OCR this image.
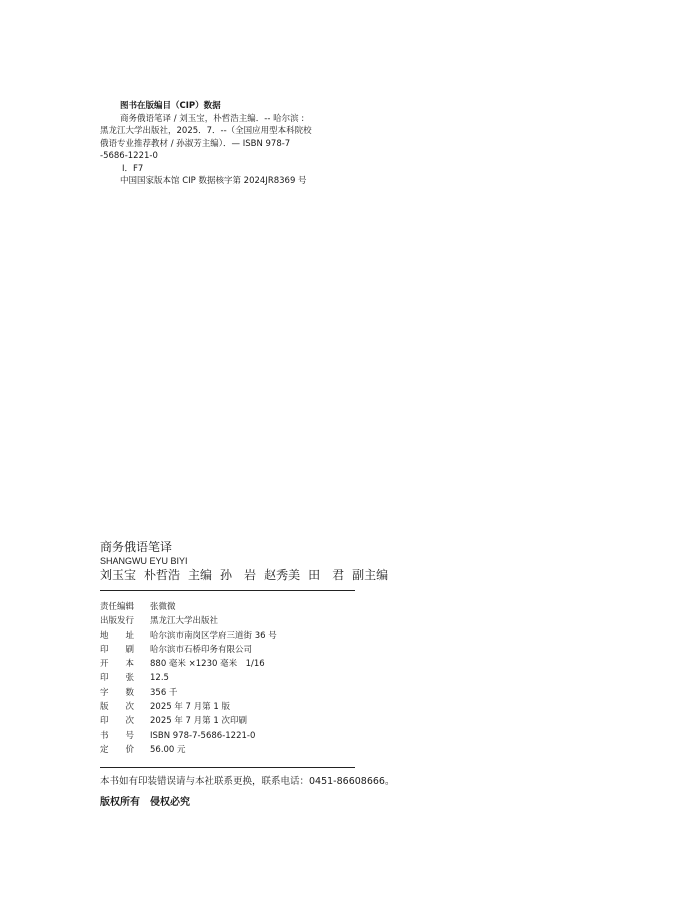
图书在版编目（CIP）数据
商务俄语笔译 / 刘玉宝，朴哲浩主编．-- 哈尔滨 :
黑龙江大学出版社，2025．7．--（全国应用型本科院校
俄语专业推荐教材 / 孙淑芳主编）．— ISBN 978-7
-5686-1221-0
Ⅰ．F7
中国国家版本馆 CIP 数据核字第 2024JR8369 号
商务俄语笔译
SHANGWU EYU BIYI
刘玉宝 朴哲浩 主编 孙　岩 赵秀美 田　君 副主编
责任编辑	张微微
出版发行	黑龙江大学出版社
地　　址	哈尔滨市南岗区学府三道街 36 号
印　　刷	哈尔滨市石桥印务有限公司
开　　本	880 毫米 ×1230 毫米　1/16
印　　张	12.5
字　　数	356 千
版　　次	2025 年 7 月第 1 版
印　　次	2025 年 7 月第 1 次印刷
书　　号	ISBN 978-7-5686-1221-0
定　　价	56.00 元
本书如有印装错误请与本社联系更换，联系电话：0451-86608666。
版权所有　侵权必究
